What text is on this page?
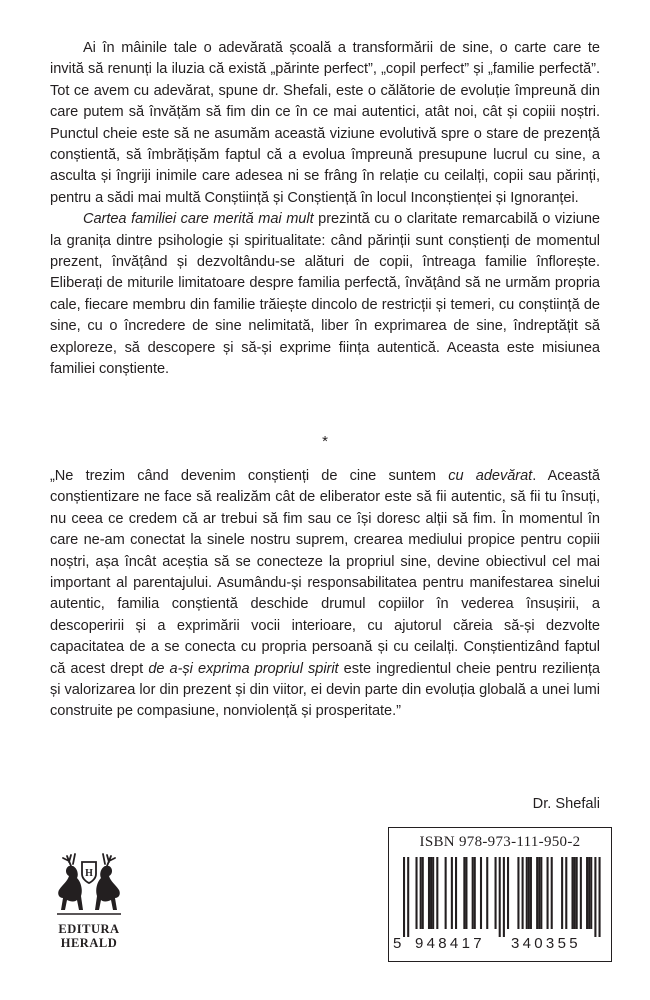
Ai în mâinile tale o adevărată școală a transformării de sine, o carte care te invită să renunți la iluzia că există „părinte perfect”, „copil perfect” și „familie perfectă”. Tot ce avem cu adevărat, spune dr. Shefali, este o călătorie de evoluție împreună din care putem să învățăm să fim din ce în ce mai autentici, atât noi, cât și copiii noștri. Punctul cheie este să ne asumăm această viziune evolutivă spre o stare de prezență conștientă, să îmbrățișăm faptul că a evolua împreună presupune lucrul cu sine, a asculta și îngriji inimile care adesea ni se frâng în relație cu ceilalți, copii sau părinți, pentru a sădi mai multă Conștiință și Conștiență în locul Inconștienței și Ignoranței.

Cartea familiei care merită mai mult prezintă cu o claritate remarcabilă o viziune la granița dintre psihologie și spiritualitate: când părinții sunt conștienți de momentul prezent, învățând și dezvoltându-se alături de copii, întreaga familie înflorește. Eliberați de miturile limitatoare despre familia perfectă, învățând să ne urmăm propria cale, fiecare membru din familie trăiește dincolo de restricții și temeri, cu conștiință de sine, cu o încredere de sine nelimitată, liber în exprimarea de sine, îndreptățit să exploreze, să descopere și să-și exprime ființa autentică. Aceasta este misiunea familiei conștiente.

*

„Ne trezim când devenim conștienți de cine suntem cu adevărat. Această conștientizare ne face să realizăm cât de eliberator este să fii autentic, să fii tu însuți, nu ceea ce credem că ar trebui să fim sau ce își doresc alții să fim. În momentul în care ne-am conectat la sinele nostru suprem, crearea mediului propice pentru copiii noștri, așa încât aceștia să se conecteze la propriul sine, devine obiectivul cel mai important al parentajului. Asumându-și responsabilitatea pentru manifestarea sinelui autentic, familia conștientă deschide drumul copiilor în vederea însușirii, a descoperirii și a exprimării vocii interioare, cu ajutorul căreia să-și dezvolte capacitatea de a se conecta cu propria persoană și cu ceilalți. Conștientizând faptul că acest drept de a-și exprima propriul spirit este ingredientul cheie pentru reziliența și valorizarea lor din prezent și din viitor, ei devin parte din evoluția globală a unei lumi construite pe compasiune, nonviolență și prosperitate.”

Dr. Shefali
H
EDITURA
HERALD
ISBN 978-973-111-950-2
5 948417 340355
